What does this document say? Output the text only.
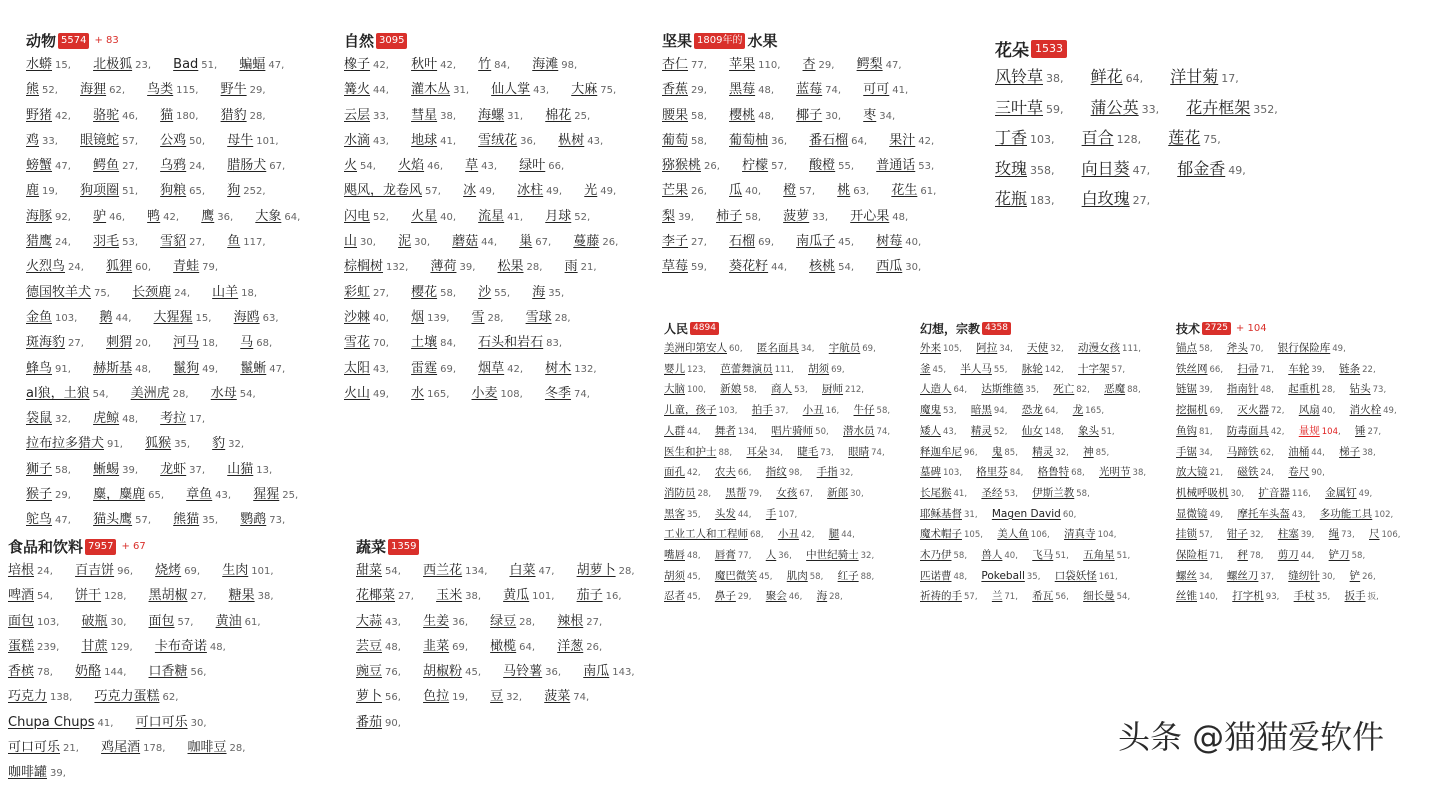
动物 5574 + 83
水蟒 15 , 北极狐 23 , Bad 51 , 蝙蝠 47 , 熊 52 , 海狸 62 , 鸟类 115 , 野牛 29 , 野猪 42 , 骆驼 46 , 猫 180 , 猎豹 28 , 鸡 33 , 眼镜蛇 57 , 公鸡 50 , 母牛 101 , 螃蟹 47 , 鳄鱼 27 , 乌鸦 24 , 腊肠犬 67 , 鹿 19 , 狗项圈 51 , 狗粮 65 , 狗 252 , 海豚 92 , 驴 46 , 鸭 42 , 鹰 36 , 大象 64 , 猎鹰 24 , 羽毛 53 , 雪貂 27 , 鱼 117 , 火烈鸟 24 , 狐狸 60 , 青蛙 79 , 德国牧羊犬 75 , 长颈鹿 24 , 山羊 18 , 金鱼 103 , 鹅 44 , 大猩猩 15 , 海鸥 63 , 斑海豹 27 , 刺猬 20 , 河马 18 , 马 68 , 蜂鸟 91 , 赫斯基 48 , 鬣狗 49 , 鬣蜥 47 , al狼，土狼 54 , 美洲虎 28 , 水母 54 , 袋鼠 32 , 虎鲸 48 , 考拉 17 , 拉布拉多猎犬 91 , 狐猴 35 , 豹 32 , 狮子 58 , 蜥蜴 39 , 龙虾 37 , 山猫 13 , 猴子 29 , 麋，麋鹿 65 , 章鱼 43 , 猩猩 25 , 鸵鸟 47 , 猫头鹰 57 , 熊猫 35 , 鹦鹉 73 ,
自然 3095
橡子 42 , 秋叶 42 , 竹 84 , 海滩 98 , 篝火 44 , 灌木丛 31 , 仙人掌 43 , 大麻 75 , 云层 33 , 彗星 38 , 海螺 31 , 棉花 25 , 水滴 43 , 地球 41 , 雪绒花 36 , 枞树 43 , 火 54 , 火焰 46 , 草 43 , 绿叶 66 , 飓风，龙卷风 57 , 冰 49 , 冰柱 49 , 光 49 , 闪电 52 , 火星 40 , 流星 41 , 月球 52 , 山 30 , 泥 30 , 蘑菇 44 , 巢 67 , 蔓藤 26 , 棕榈树 132 , 薄荷 39 , 松果 28 , 雨 21 , 彩虹 27 , 樱花 58 , 沙 55 , 海 35 , 沙棘 40 , 烟 139 , 雪 28 , 雪球 28 , 雪花 70 , 土壤 84 , 石头和岩石 83 , 太阳 43 , 雷霆 69 , 烟草 42 , 树木 132 , 火山 49 , 水 165 , 小麦 108 , 冬季 74 ,
坚果 1809年的 水果
杏仁 77 , 苹果 110 , 杏 29 , 鳄梨 47 , 香蕉 29 , 黑莓 48 , 蓝莓 74 , 可可 41 , 腰果 58 , 樱桃 48 , 椰子 30 , 枣 34 , 葡萄 58 , 葡萄柚 36 , 番石榴 64 , 果汁 42 , 猕猴桃 26 , 柠檬 57 , 酸橙 55 , 普通话 53 , 芒果 26 , 瓜 40 , 橙 57 , 桃 63 , 花生 61 , 梨 39 , 柿子 58 , 菠萝 33 , 开心果 48 , 李子 27 , 石榴 69 , 南瓜子 45 , 树莓 40 , 草莓 59 , 葵花籽 44 , 核桃 54 , 西瓜 30 ,
花朵 1533
风铃草 38 , 鲜花 64 , 洋甘菊 17 , 三叶草 59 , 蒲公英 33 , 花卉框架 352 , 丁香 103 , 百合 128 , 莲花 75 , 玫瑰 358 , 向日葵 47 , 郁金香 49 , 花瓶 183 , 白玫瑰 27 ,
食品和饮料 7957 + 67
培根 24 , 百吉饼 96 , 烧烤 69 , 生肉 101 , 啤酒 54 , 饼干 128 , 黑胡椒 27 , 糖果 38 , 面包 103 , 破瓶 30 , 面包 57 , 黄油 61 , 蛋糕 239 , 甘蔗 129 , 卡布奇诺 48 , 香槟 78 , 奶酪 144 , 口香糖 56 , 巧克力 138 , 巧克力蛋糕 62 , Chupa Chups 41 , 可口可乐 30 , 可口可乐 21 , 鸡尾酒 178 , 咖啡豆 28 , 咖啡罐 39 ,
蔬菜 1359
甜菜 54 , 西兰花 134 , 白菜 47 , 胡萝卜 28 , 花椰菜 27 , 玉米 38 , 黄瓜 101 , 茄子 16 , 大蒜 43 , 生姜 36 , 绿豆 28 , 辣根 27 , 芸豆 48 , 韭菜 69 , 橄榄 64 , 洋葱 26 , 豌豆 76 , 胡椒粉 45 , 马铃薯 36 , 南瓜 143 , 萝卜 56 , 色拉 19 , 豆 32 , 菠菜 74 , 番茄 90 ,
人民 4894
美洲印第安人 60 , 匿名面具 34 , 宇航员 69 , 婴儿 123 , 芭蕾舞演员 111 , 胡须 69 , 大脑 100 , 新娘 58 , 商人 53 , 厨师 212 , 儿童，孩子 103 , 拍手 37 , 小丑 16 , 牛仔 58 , 人群 44 , 舞者 134 , 唱片骑师 50 , 潜水员 74 , 医生和护士 88 , 耳朵 34 , 睫毛 73 , 眼睛 74 , 面孔 42 , 农夫 66 , 指纹 98 , 手指 32 , 消防员 28 , 黑帮 79 , 女孩 67 , 新郎 30 , 黑客 35 , 头发 44 , 手 107 , 工业工人和工程师 68 , 小丑 42 , 腿 44 , 嘴唇 48 , 唇膏 77 , 人 36 , 中世纪骑士 32 , 胡须 45 , 魔巴微笑 45 , 肌肉 58 , 红子 88 , 忍者 45 , 鼻子 29 , 聚会 46 , 海 28 ,
幻想，宗教 4358
外来 105 , 阿拉 34 , 天使 32 , 动漫女孩 111 , 釜 45 , 半人马 55 , 脉轮 142 , 十字架 57 , 人造人 64 , 达斯维德 35 , 死亡 82 , 恶魔 88 , 魔鬼 53 , 暗黑 94 , 恐龙 64 , 龙 165 , 矮人 43 , 精灵 52 , 仙女 148 , 象头 51 , 释迦牟尼 96 , 鬼 85 , 精灵 32 , 神 85 , 墓碑 103 , 格里芬 84 , 格鲁特 68 , 光明节 38 , 长尾猴 41 , 圣经 53 , 伊斯兰教 58 , 耶稣基督 31 , Magen David 60 , 魔术帽子 105 , 美人鱼 106 , 清真寺 104 , 木乃伊 58 , 兽人 40 , 飞马 51 , 五角星 51 , 匹诺曹 48 , Pokeball 35 , 口袋妖怪 161 , 祈祷的手 57 , 兰 71 , 希瓦 56 , 细长曼 54 ,
技术 2725 + 104
锚点 58 , 斧头 70 , 银行保险库 49 , 铁丝网 66 , 扫帚 71 , 车轮 39 , 链条 22 , 链锯 39 , 指南针 48 , 起重机 28 , 钻头 73 , 挖掘机 69 , 灭火器 72 , 风扇 40 , 消火栓 49 , 鱼钩 81 , 防毒面具 42 , 量规 104 , 锤 27 , 手锯 34 , 马蹄铁 62 , 油桶 44 , 梯子 38 , 放大镜 21 , 磁铁 24 , 卷尺 90 , 机械呼吸机 30 , 扩音器 116 , 金属钉 49 , 显微镜 49 , 摩托车头盔 43 , 多功能工具 102 , 挂锁 57 , 钳子 32 , 柱塞 39 , 绳 73 , 尺 106 , 保险柜 71 , 秤 78 , 剪刀 44 , 铲刀 58 , 螺丝 34 , 螺丝刀 37 , 缝纫针 30 , 铲 26 , 丝锥 140 , 打字机 93 , 手杖 35 , 扳手 扳 ,
头条 @猫猫爱软件
